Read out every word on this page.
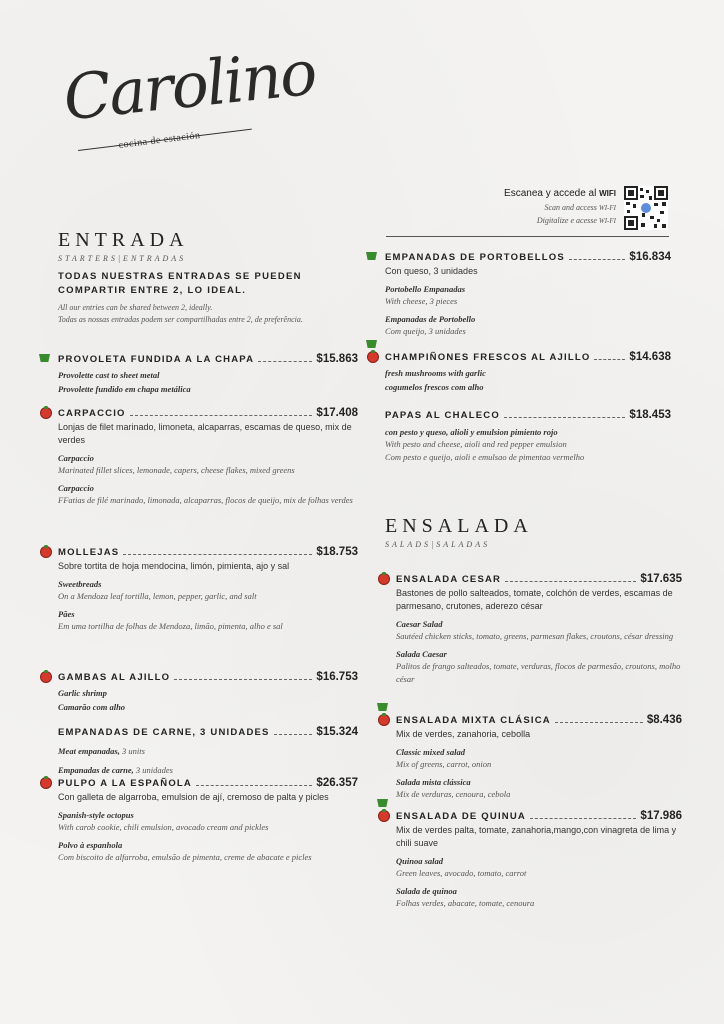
Carolino
cocina de estación
Escanea y accede al WIFI
Scan and access WI-FI
Digitalize e acesse WI-FI
ENTRADA
STARTERS|ENTRADAS
TODAS NUESTRAS ENTRADAS SE PUEDEN COMPARTIR ENTRE 2, LO IDEAL.
All our entries can be shared between 2, ideally.
Todas as nossas entradas podem ser compartilhadas entre 2, de preferência.
ENSALADA
SALADS|SALADAS
PROVOLETA FUNDIDA A LA CHAPA	$15.863
Provolette cast to sheet metal
Provolette fundido em chapa metálica
CARPACCIO	$17.408
Lonjas de filet marinado, limoneta, alcaparras, escamas de queso, mix de verdes
Carpaccio
Marinated fillet slices, lemonade, capers, cheese flakes, mixed greens
Carpaccio
FFatias de filé marinado, limonada, alcaparras, flocos de queijo, mix de folhas verdes
MOLLEJAS	$18.753
Sobre tortita de hoja mendocina, limón, pimienta, ajo y sal
Sweetbreads
On a Mendoza leaf tortilla, lemon, pepper, garlic, and salt
Pães
Em uma tortilha de folhas de Mendoza, limão, pimenta, alho e sal
GAMBAS AL AJILLO	$16.753
Garlic shrimp
Camarão com alho
EMPANADAS DE CARNE, 3 UNIDADES	$15.324
Meat empanadas, 3 units
Empanadas de carne, 3 unidades
PULPO A LA ESPAÑOLA	$26.357
Con galleta de algarroba, emulsion de ají, cremoso de palta y picles
Spanish-style octopus
With carob cookie, chili emulsion, avocado cream and pickles
Polvo à espanhola
Com biscoito de alfarroba, emulsão de pimenta, creme de abacate e picles
EMPANADAS DE PORTOBELLOS	$16.834
Con queso, 3 unidades
Portobello Empanadas
With cheese, 3 pieces
Empanadas de Portobello
Com queijo, 3 unidades
CHAMPIÑONES FRESCOS AL AJILLO	$14.638
fresh mushrooms with garlic
cogumelos frescos com alho
PAPAS AL CHALECO	$18.453
con pesto y queso, alioli y emulsion pimiento rojo
With pesto and cheese, aioli and red pepper emulsion
Com pesto e queijo, aioli e emulsao de pimentao vermelho
ENSALADA CESAR	$17.635
Bastones de pollo salteados, tomate, colchón de verdes, escamas de parmesano, crutones, aderezo césar
Caesar Salad
Sautéed chicken sticks, tomato, greens, parmesan flakes, croutons, césar dressing
Salada Caesar
Palitos de frango salteados, tomate, verduras, flocos de parmesão, croutons, molho césar
ENSALADA MIXTA CLÁSICA	$8.436
Mix de verdes, zanahoria, cebolla
Classic mixed salad
Mix of greens, carrot, onion
Salada mista clássica
Mix de verduras, cenoura, cebola
ENSALADA DE QUINUA	$17.986
Mix de verdes palta, tomate, zanahoria,mango,con vinagreta de lima y chili suave
Quinoa salad
Green leaves, avocado, tomato, carrot
Salada de quinoa
Folhas verdes, abacate, tomate, cenoura
